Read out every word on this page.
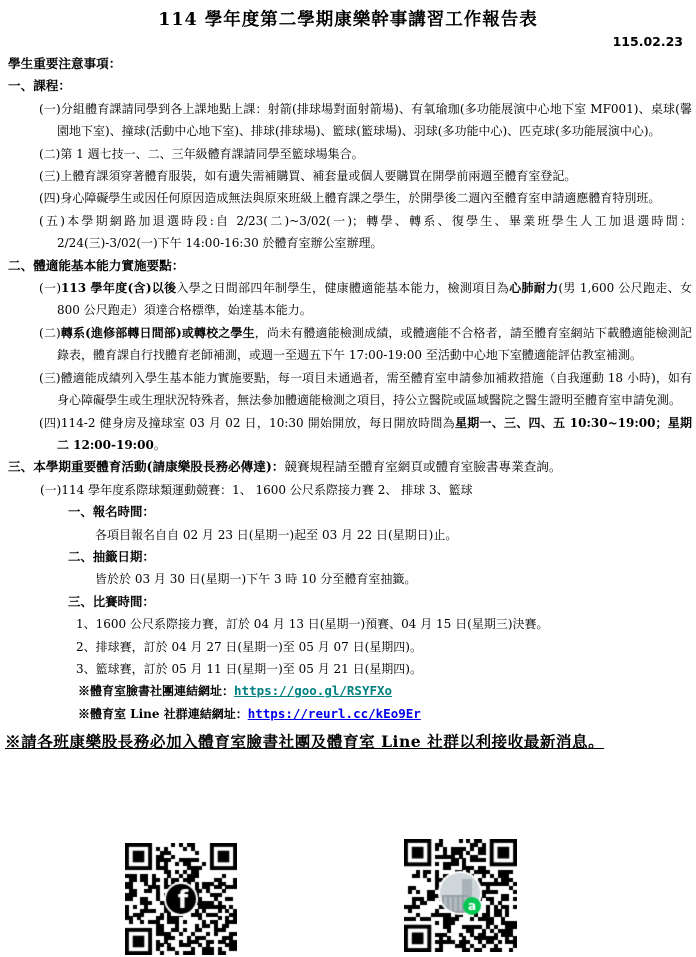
114 學年度第二學期康樂幹事講習工作報告表
115.02.23

學生重要注意事項：

一、課程：

(一)分組體育課請同學到各上課地點上課：射箭(排球場對面射箭場)、有氧瑜珈(多功能展演中心地下室 MF001)、桌球(馨園地下室)、撞球(活動中心地下室)、排球(排球場)、籃球(籃球場)、羽球(多功能中心)、匹克球(多功能展演中心)。

(二)第 1 週七技一、二、三年級體育課請同學至籃球場集合。

(三)上體育課須穿著體育服裝，如有遺失需補購買、補套量或個人要購買在開學前兩週至體育室登記。

(四)身心障礙學生或因任何原因造成無法與原來班級上體育課之學生，於開學後二週內至體育室申請適應體育特別班。

(五)本學期網路加退選時段:自 2/23(二)~3/02(一)；轉學、轉系、復學生、畢業班學生人工加退選時間：2/24(三)-3/02(一)下午 14:00-16:30 於體育室辦公室辦理。

二、體適能基本能力實施要點：

(一)113 學年度(含)以後入學之日間部四年制學生，健康體適能基本能力，檢測項目為心肺耐力(男 1,600 公尺跑走、女 800 公尺跑走）須達合格標準，始達基本能力。

(二)轉系(進修部轉日間部)或轉校之學生，尚未有體適能檢測成績，或體適能不合格者，請至體育室網站下載體適能檢測記錄表，體育課自行找體育老師補測，或週一至週五下午 17:00-19:00 至活動中心地下室體適能評估教室補測。

(三)體適能成績列入學生基本能力實施要點，每一項目未通過者，需至體育室申請參加補救措施（自我運動 18 小時)，如有身心障礙學生或生理狀況特殊者，無法參加體適能檢測之項目，持公立醫院或區域醫院之醫生證明至體育室申請免測。

(四)114-2 健身房及撞球室 03 月 02 日，10:30 開始開放，每日開放時間為星期一、三、四、五 10:30~19:00；星期二 12:00-19:00。

三、本學期重要體育活動(請康樂股長務必傳達)：競賽規程請至體育室網頁或體育室臉書專業查詢。

(一)114 學年度系際球類運動競賽：1、 1600 公尺系際接力賽 2、 排球 3、籃球

一、報名時間：

各項目報名自自 02 月 23 日(星期一)起至 03 月 22 日(星期日)止。

二、抽籤日期：

皆於於 03 月 30 日(星期一)下午 3 時 10 分至體育室抽籤。

三、比賽時間：

1、1600 公尺系際接力賽，訂於 04 月 13 日(星期一)預賽、04 月 15 日(星期三)決賽。

2、排球賽，訂於 04 月 27 日(星期一)至 05 月 07 日(星期四)。

3、籃球賽，訂於 05 月 11 日(星期一)至 05 月 21 日(星期四)。

※體育室臉書社團連結網址：https://goo.gl/RSYFXo

※體育室 Line 社群連結網址：https://reurl.cc/kEo9Er

※請各班康樂股長務必加入體育室臉書社團及體育室 Line 社群以利接收最新消息。
